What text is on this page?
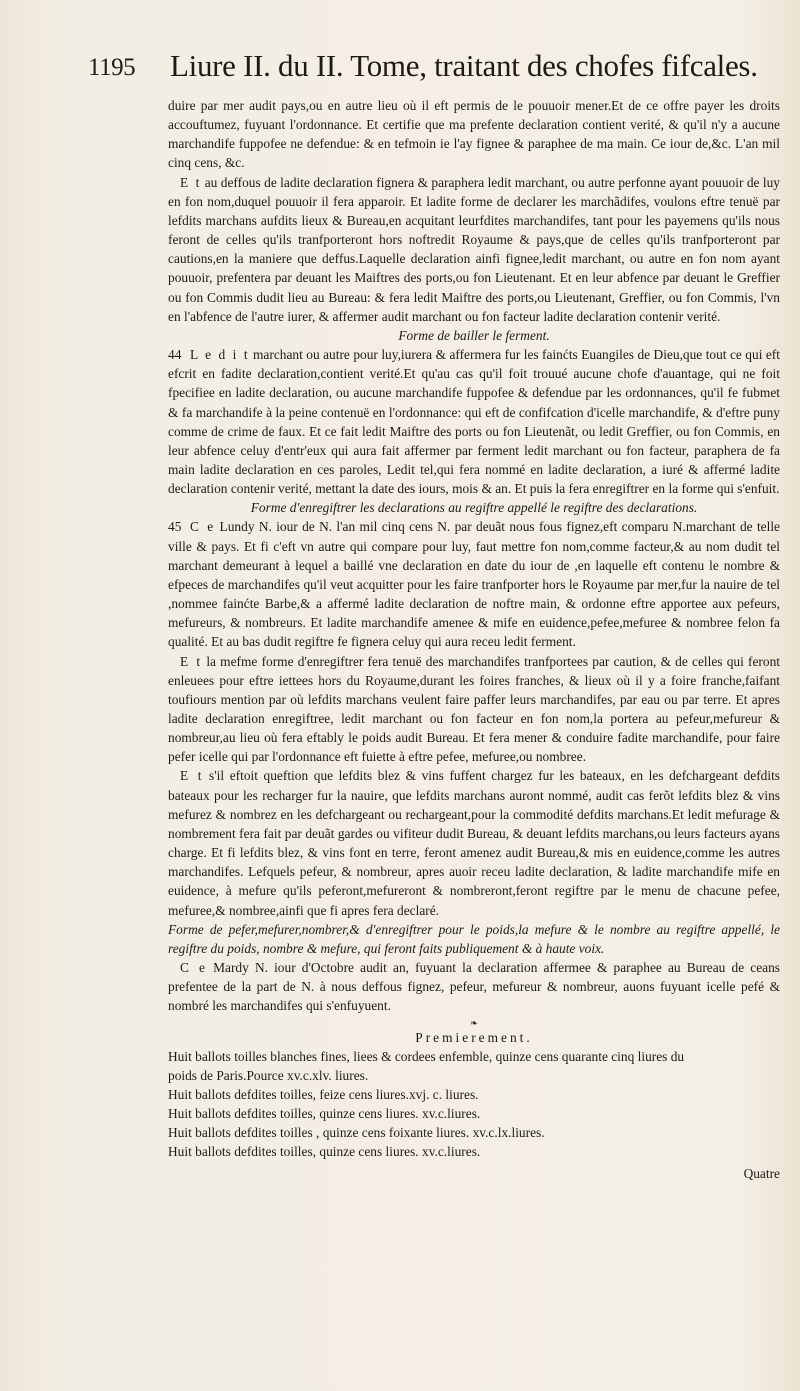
1195 Liure II. du II. Tome, traitant des chofes fifcales.

duire par mer audit pays,ou en autre lieu où il eft permis de le pouuoir mener.Et de ce offre payer les droits accouftumez, fuyuant l'ordonnance. Et certifie que ma prefente declaration contient verité, & qu'il n'y a aucune marchandife fuppofee ne defendue: & en tefmoin ie l'ay fignee & paraphee de ma main. Ce iour de,&c. L'an mil cinq cens, &c.

E t au deffous de ladite declaration fignera & paraphera ledit marchant, ou autre perfonne ayant pouuoir de luy en fon nom,duquel pouuoir il fera apparoir. Et ladite forme de declarer les marchãdifes, voulons eftre tenuë par lefdits marchans aufdits lieux & Bureau,en acquitant leurfdites marchandifes, tant pour les payemens qu'ils nous feront de celles qu'ils tranfporteront hors noftredit Royaume & pays,que de celles qu'ils tranfporteront par cautions,en la maniere que deffus.Laquelle declaration ainfi fignee,ledit marchant, ou autre en fon nom ayant pouuoir, prefentera par deuant les Maiftres des ports,ou fon Lieutenant. Et en leur abfence par deuant le Greffier ou fon Commis dudit lieu au Bureau: & fera ledit Maiftre des ports,ou Lieutenant, Greffier, ou fon Commis, l'vn en l'abfence de l'autre iurer, & affermer audit marchant ou fon facteur ladite declaration contenir verité.

Forme de bailler le ferment.

44 L e d i t marchant ou autre pour luy,iurera & affermera fur les fainćts Euangiles de Dieu,que tout ce qui eft efcrit en fadite declaration,contient verité.Et qu'au cas qu'il foit trouué aucune chofe d'auantage, qui ne foit fpecifiee en ladite declaration, ou aucune marchandife fuppofee & defendue par les ordonnances, qu'il fe fubmet & fa marchandife à la peine contenuë en l'ordonnance: qui eft de confifcation d'icelle marchandife, & d'eftre puny comme de crime de faux. Et ce fait ledit Maiftre des ports ou fon Lieutenãt, ou ledit Greffier, ou fon Commis, en leur abfence celuy d'entr'eux qui aura fait affermer par ferment ledit marchant ou fon facteur, paraphera de fa main ladite declaration en ces paroles, Ledit tel,qui fera nommé en ladite declaration, a iuré & affermé ladite declaration contenir verité, mettant la date des iours, mois & an. Et puis la fera enregiftrer en la forme qui s'enfuit.

Forme d'enregiftrer les declarations au regiftre appellé le regiftre des declarations.

45 C e Lundy N. iour de N. l'an mil cinq cens N. par deuãt nous fous fignez,eft comparu N.marchant de telle ville & pays. Et fi c'eft vn autre qui compare pour luy, faut mettre fon nom,comme facteur,& au nom dudit tel marchant demeurant à lequel a baillé vne declaration en date du iour de ,en laquelle eft contenu le nombre & efpeces de marchandifes qu'il veut acquitter pour les faire tranfporter hors le Royaume par mer,fur la nauire de tel ,nommee fainćte Barbe,& a affermé ladite declaration de noftre main, & ordonne eftre apportee aux pefeurs, mefureurs, & nombreurs. Et ladite marchandife amenee & mife en euidence,pefee,mefuree & nombree felon fa qualité. Et au bas dudit regiftre fe fignera celuy qui aura receu ledit ferment.

E t la mefme forme d'enregiftrer fera tenuë des marchandifes tranfportees par caution, & de celles qui feront enleuees pour eftre iettees hors du Royaume,durant les foires franches, & lieux où il y a foire franche,faifant toufiours mention par où lefdits marchans veulent faire paffer leurs marchandifes, par eau ou par terre. Et apres ladite declaration enregiftree, ledit marchant ou fon facteur en fon nom,la portera au pefeur,mefureur & nombreur,au lieu où fera eftably le poids audit Bureau. Et fera mener & conduire fadite marchandife, pour faire pefer icelle qui par l'ordonnance eft fuiette à eftre pefee, mefuree,ou nombree.

E t s'il eftoit queftion que lefdits blez & vins fuffent chargez fur les bateaux, en les defchargeant defdits bateaux pour les recharger fur la nauire, que lefdits marchans auront nommé, audit cas ferõt lefdits blez & vins mefurez & nombrez en les defchargeant ou rechargeant,pour la commodité defdits marchans.Et ledit mefurage & nombrement fera fait par deuãt gardes ou vifiteur dudit Bureau, & deuant lefdits marchans,ou leurs facteurs ayans charge. Et fi lefdits blez, & vins font en terre, feront amenez audit Bureau,& mis en euidence,comme les autres marchandifes. Lefquels pefeur, & nombreur, apres auoir receu ladite declaration, & ladite marchandife mife en euidence, à mefure qu'ils peferont,mefureront & nombreront,feront regiftre par le menu de chacune pefee, mefuree,& nombree,ainfi que fi apres fera declaré.

Forme de pefer,mefurer,nombrer,& d'enregiftrer pour le poids,la mefure & le nombre au regiftre appellé, le regiftre du poids, nombre & mefure, qui feront faits publiquement & à haute voix.

C e Mardy N. iour d'Octobre audit an, fuyuant la declaration affermee & paraphee au Bureau de ceans prefentee de la part de N. à nous deffous fignez, pefeur, mefureur & nombreur, auons fuyuant icelle pefé & nombré les marchandifes qui s'enfuyuent.

❧

Premierement.

Huit ballots toilles blanches fines, liees & cordees enfemble, quinze cens quarante cinq liures du

poids de Paris.Pource xv.c.xlv. liures.

Huit ballots defdites toilles, feize cens liures.xvj. c. liures.

Huit ballots defdites toilles, quinze cens liures. xv.c.liures.

Huit ballots defdites toilles , quinze cens foixante liures. xv.c.lx.liures.

Huit ballots defdites toilles, quinze cens liures. xv.c.liures.

Quatre
